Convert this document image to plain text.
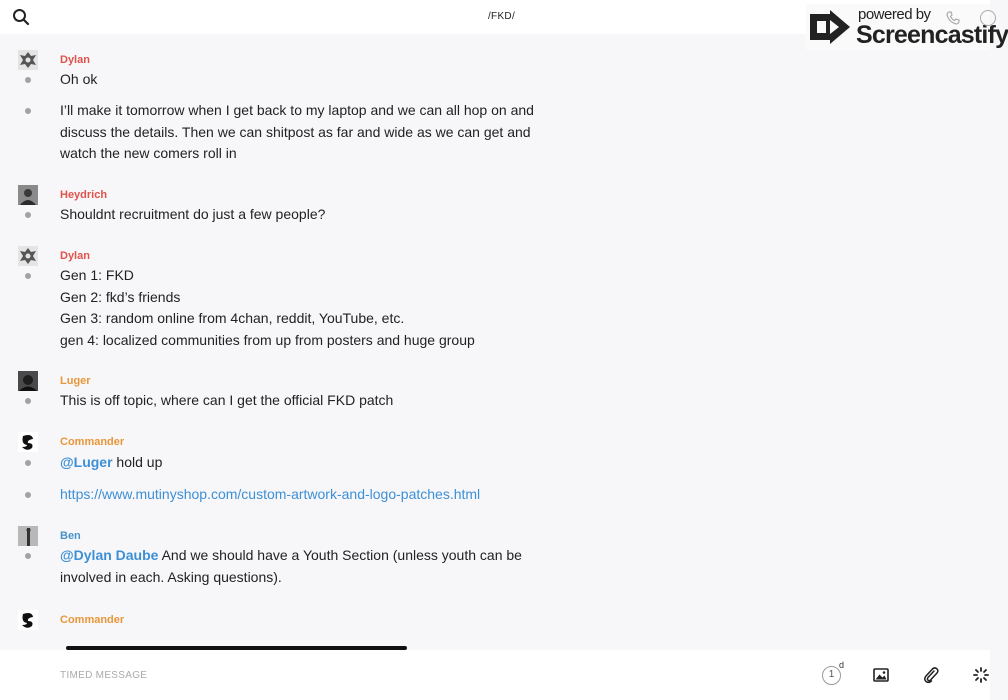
/FKD/	powered by
Screencastify
Dylan
Oh ok
I’ll make it tomorrow when I get back to my laptop and we can all hop on and
discuss the details. Then we can shitpost as far and wide as we can get and
watch the new comers roll in
Heydrich
Shouldnt recruitment do just a few people?
Dylan
Gen 1: FKD
Gen 2: fkd’s friends
Gen 3: random online from 4chan, reddit, YouTube, etc.
gen 4: localized communities from up from posters and huge group
Luger
This is off topic, where can I get the official FKD patch
Commander
@Luger hold up
https://www.mutinyshop.com/custom-artwork-and-logo-patches.html
Ben
@Dylan Daube And we should have a Youth Section (unless youth can be
involved in each. Asking questions).
Commander
TIMED MESSAGE
1
d
